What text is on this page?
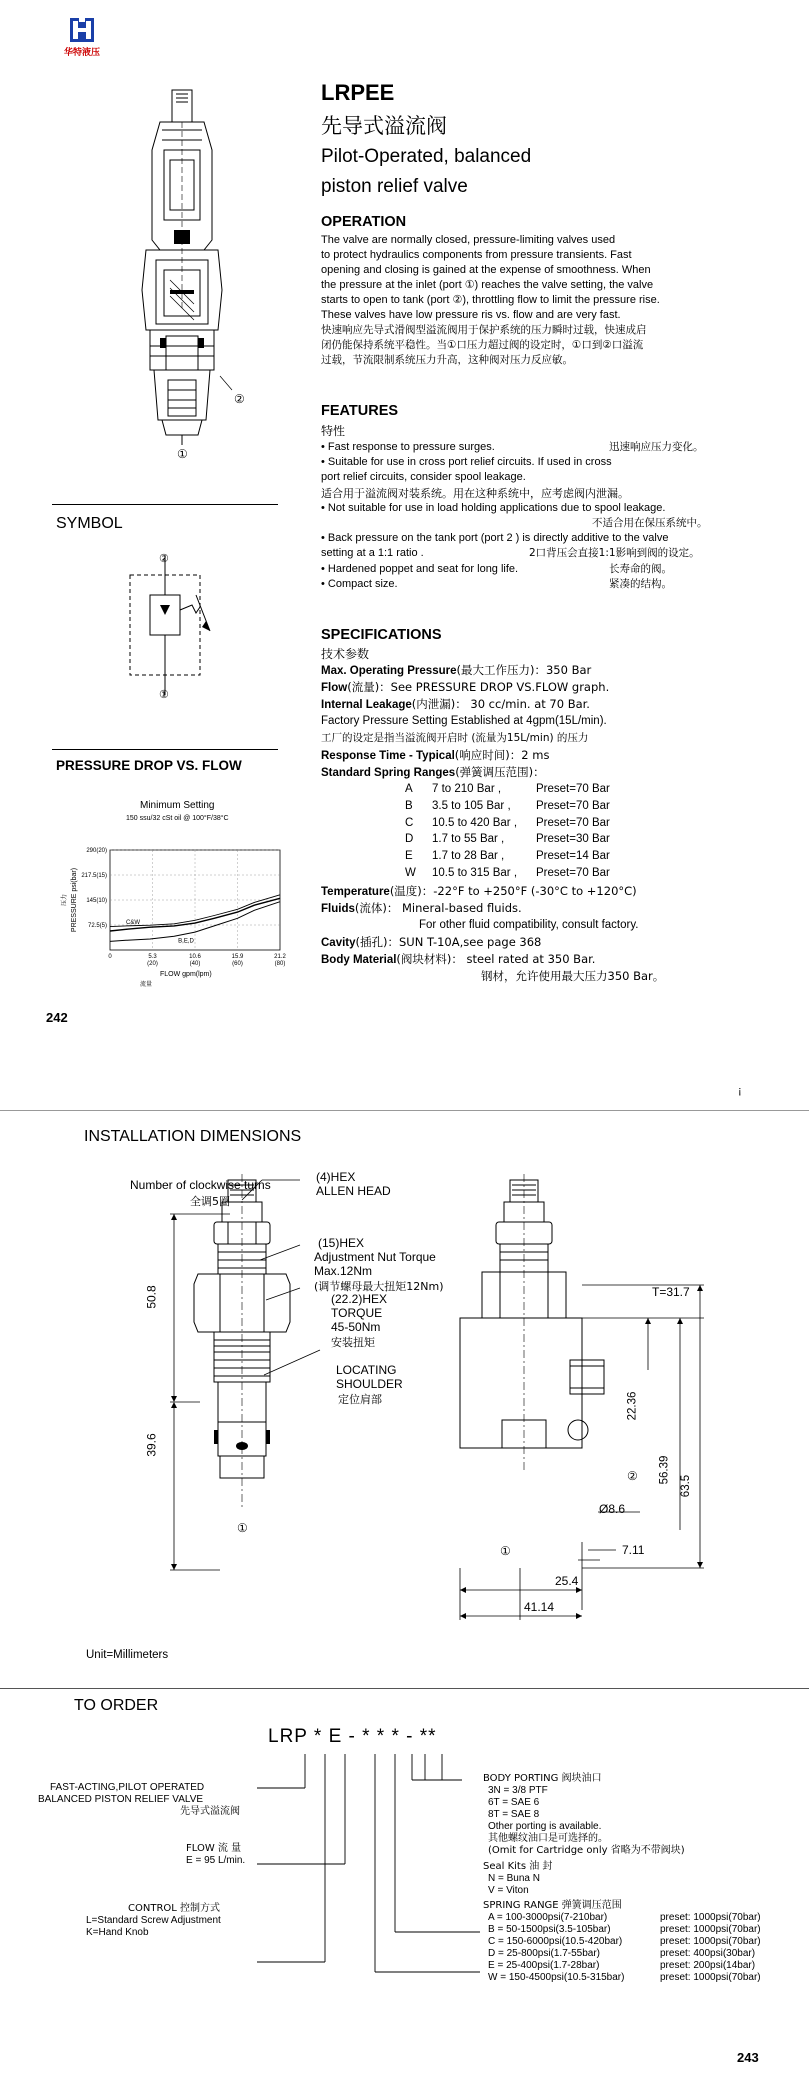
华特液压
LRPEE
先导式溢流阀
Pilot-Operated, balanced
piston relief valve
②
①
SYMBOL
②
①
PRESSURE DROP VS. FLOW
Minimum Setting
150 ssu/32 cSt oil @ 100°F/38°C
72.5(5)
145(10)
217.5(15)
290(20)
0	5.3
(20)
10.6
(40)
15.9
(60)
21.2
(80)
C&W
B,E,D
FLOW gpm(lpm)
流量
PRESSURE psi(bar)
压力
242
OPERATION
The valve are normally closed, pressure-limiting valves used
to protect hydraulics components from pressure transients. Fast
opening and closing is gained at the expense of smoothness. When
the pressure at the inlet (port ①) reaches the valve setting, the valve
starts to open to tank (port ②), throttling flow to limit the pressure rise.
These valves have low pressure ris vs. flow and are very fast.
快速响应先导式滑阀型溢流阀用于保护系统的压力瞬时过载，快速成启
闭仍能保持系统平稳性。当①口压力超过阀的设定时，①口到②口溢流
过载，节流限制系统压力升高，这种阀对压力反应敏。
FEATURES
特性
• Fast response to pressure surges.	迅速响应压力变化。
• Suitable for use in cross port relief circuits. If used in cross
port relief circuits, consider spool leakage.
适合用于溢流阀对装系统。用在这种系统中，应考虑阀内泄漏。
• Not suitable for use in load holding applications due to spool leakage.
不适合用在保压系统中。
• Back pressure on the tank port (port 2 ) is directly additive to the valve
setting at a 1:1 ratio .	2口背压会直接1:1影响到阀的设定。
• Hardened poppet and seat for long life.	长寿命的阀。
• Compact size.	紧凑的结构。
SPECIFICATIONS
技术参数
Max. Operating Pressure(最大工作压力)：350 Bar
Flow(流量)：See PRESSURE DROP VS.FLOW graph.
Internal Leakage(内泄漏)： 30 cc/min. at 70 Bar.
Factory Pressure Setting Established at 4gpm(15L/min).
工厂的设定是指当溢流阀开启时 (流量为15L/min) 的压力
Response Time - Typical(响应时间)：2 ms
Standard Spring Ranges(弹簧调压范围)：
A 7 to 210 Bar ,	Preset=70 Bar
B 3.5 to 105 Bar , Preset=70 Bar
C 10.5 to 420 Bar , Preset=70 Bar
D 1.7 to 55 Bar ,	Preset=30 Bar
E 1.7 to 28 Bar ,	Preset=14 Bar
W 10.5 to 315 Bar , Preset=70 Bar
Temperature(温度)：-22°F to +250°F (-30°C to +120°C)
Fluids(流体)： Mineral-based fluids.
For other fluid compatibility, consult factory.
Cavity(插孔)：SUN T-10A,see page 368
Body Material(阀块材料)： steel rated at 350 Bar.
钢材，允许使用最大压力350 Bar。
¡
INSTALLATION DIMENSIONS
Number of clockwise turns
全调5圈
(4)HEX
ALLEN HEAD
(15)HEX
Adjustment Nut Torque
Max.12Nm
(调节螺母最大扭矩12Nm)
(22.2)HEX
TORQUE
45-50Nm
安装扭矩
LOCATING
SHOULDER
定位肩部
50.8
39.6
①
T=31.7
22.36
56.39
63.5
Ø8.6
7.11
25.4
41.14
②
①
Unit=Millimeters
TO ORDER
LRP * E - * * * - **
FAST-ACTING,PILOT OPERATED
BALANCED PISTON RELIEF VALVE
先导式溢流阀
FLOW 流 量
E = 95 L/min.
CONTROL 控制方式
L=Standard Screw Adjustment
K=Hand Knob
BODY PORTING 阀块油口
3N = 3/8 PTF
6T = SAE 6
8T = SAE 8
Other porting is available.
其他螺纹油口是可选择的。
(Omit for Cartridge only 省略为不带阀块)
Seal Kits 油 封
N = Buna N
V = Viton
SPRING RANGE 弹簧调压范围
A = 100-3000psi(7-210bar)	preset: 1000psi(70bar)
B = 50-1500psi(3.5-105bar)	preset: 1000psi(70bar)
C = 150-6000psi(10.5-420bar)	preset: 1000psi(70bar)
D = 25-800psi(1.7-55bar)	preset: 400psi(30bar)
E = 25-400psi(1.7-28bar)	preset: 200psi(14bar)
W = 150-4500psi(10.5-315bar)	preset: 1000psi(70bar)
243
